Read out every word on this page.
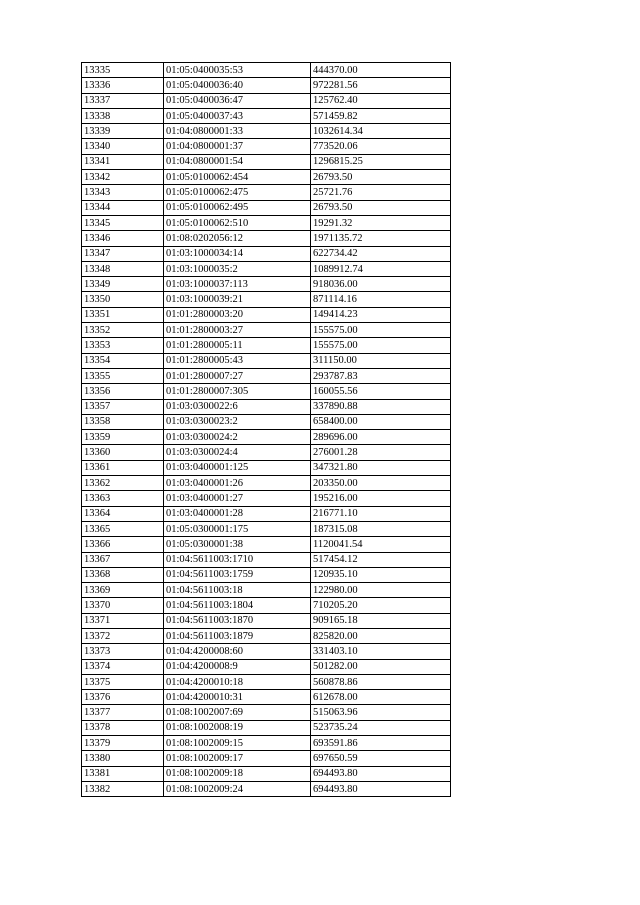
13335	01:05:0400035:53	444370.00
13336	01:05:0400036:40	972281.56
13337	01:05:0400036:47	125762.40
13338	01:05:0400037:43	571459.82
13339	01:04:0800001:33	1032614.34
13340	01:04:0800001:37	773520.06
13341	01:04:0800001:54	1296815.25
13342	01:05:0100062:454	26793.50
13343	01:05:0100062:475	25721.76
13344	01:05:0100062:495	26793.50
13345	01:05:0100062:510	19291.32
13346	01:08:0202056:12	1971135.72
13347	01:03:1000034:14	622734.42
13348	01:03:1000035:2	1089912.74
13349	01:03:1000037:113	918036.00
13350	01:03:1000039:21	871114.16
13351	01:01:2800003:20	149414.23
13352	01:01:2800003:27	155575.00
13353	01:01:2800005:11	155575.00
13354	01:01:2800005:43	311150.00
13355	01:01:2800007:27	293787.83
13356	01:01:2800007:305	160055.56
13357	01:03:0300022:6	337890.88
13358	01:03:0300023:2	658400.00
13359	01:03:0300024:2	289696.00
13360	01:03:0300024:4	276001.28
13361	01:03:0400001:125	347321.80
13362	01:03:0400001:26	203350.00
13363	01:03:0400001:27	195216.00
13364	01:03:0400001:28	216771.10
13365	01:05:0300001:175	187315.08
13366	01:05:0300001:38	1120041.54
13367	01:04:5611003:1710	517454.12
13368	01:04:5611003:1759	120935.10
13369	01:04:5611003:18	122980.00
13370	01:04:5611003:1804	710205.20
13371	01:04:5611003:1870	909165.18
13372	01:04:5611003:1879	825820.00
13373	01:04:4200008:60	331403.10
13374	01:04:4200008:9	501282.00
13375	01:04:4200010:18	560878.86
13376	01:04:4200010:31	612678.00
13377	01:08:1002007:69	515063.96
13378	01:08:1002008:19	523735.24
13379	01:08:1002009:15	693591.86
13380	01:08:1002009:17	697650.59
13381	01:08:1002009:18	694493.80
13382	01:08:1002009:24	694493.80
